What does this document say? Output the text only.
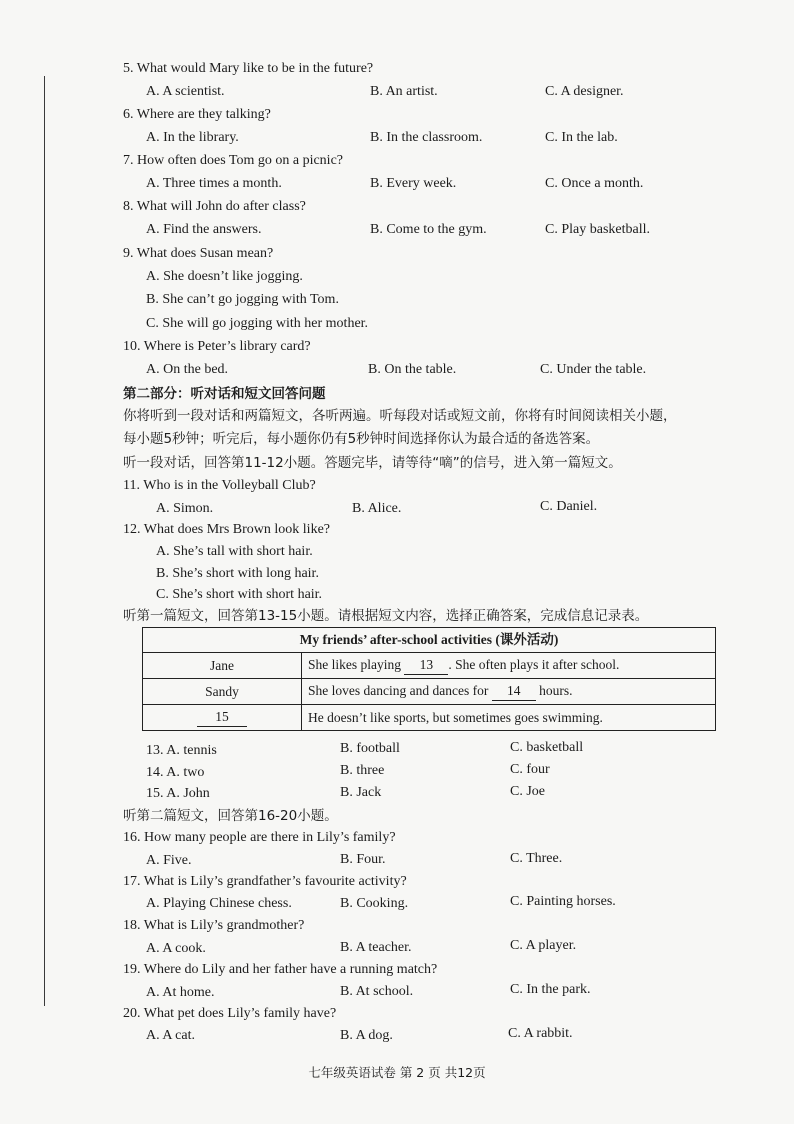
5. What would Mary like to be in the future?
A. A scientist.	B. An artist.	C. A designer.
6. Where are they talking?
A. In the library.	B. In the classroom.	C. In the lab.
7. How often does Tom go on a picnic?
A. Three times a month.	B. Every week.	C. Once a month.
8. What will John do after class?
A. Find the answers.	B. Come to the gym.	C. Play basketball.
9. What does Susan mean?
A. She doesn’t like jogging.
B. She can’t go jogging with Tom.
C. She will go jogging with her mother.
10. Where is Peter’s library card?
A. On the bed.	B. On the table.	C. Under the table.
第二部分：听对话和短文回答问题
你将听到一段对话和两篇短文，各听两遍。听每段对话或短文前，你将有时间阅读相关小题，
每小题5秒钟；听完后，每小题你仍有5秒钟时间选择你认为最合适的备选答案。
听一段对话，回答第11-12小题。答题完毕，请等待“嘀”的信号，进入第一篇短文。
11. Who is in the Volleyball Club?
A. Simon.	B. Alice.	C. Daniel.
12. What does Mrs Brown look like?
A. She’s tall with short hair.
B. She’s short with long hair.
C. She’s short with short hair.
听第一篇短文，回答第13-15小题。请根据短文内容，选择正确答案，完成信息记录表。
My friends’ after-school activities (课外活动)	
Jane	She likes playing 13 . She often plays it after school.
Sandy	She loves dancing and dances for 14 hours.
15	He doesn’t like sports, but sometimes goes swimming.
13. A. tennis	B. football	C. basketball
14. A. two	B. three	C. four
15. A. John	B. Jack	C. Joe
听第二篇短文，回答第16-20小题。
16. How many people are there in Lily’s family?
A. Five.	B. Four.	C. Three.
17. What is Lily’s grandfather’s favourite activity?
A. Playing Chinese chess.	B. Cooking.	C. Painting horses.
18. What is Lily’s grandmother?
A. A cook.	B. A teacher.	C. A player.
19. Where do Lily and her father have a running match?
A. At home.	B. At school.	C. In the park.
20. What pet does Lily’s family have?
A. A cat.	B. A dog.	C. A rabbit.
七年级英语试卷 第 2 页 共12页
